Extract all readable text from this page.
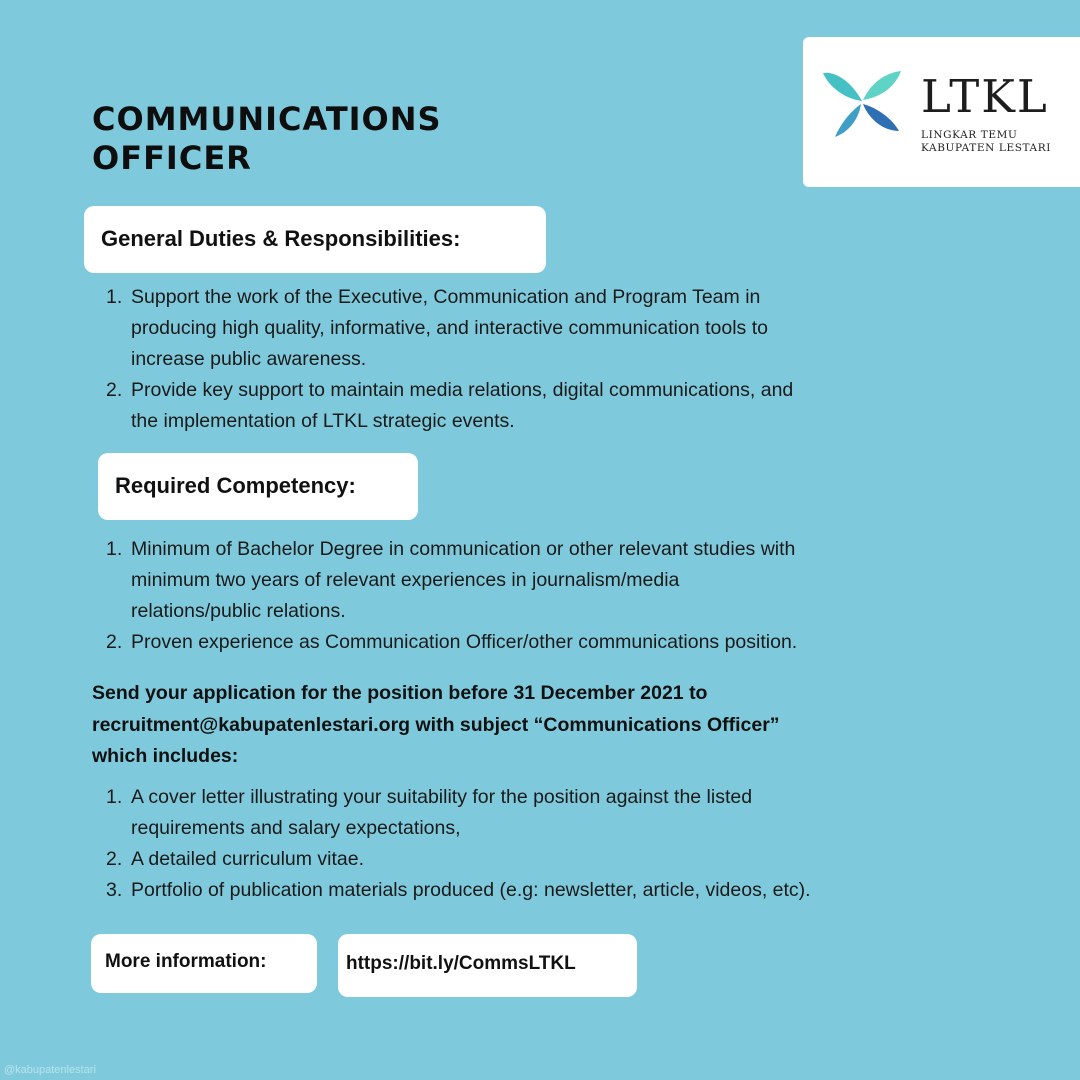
COMMUNICATIONS
OFFICER
LTKL
LINGKAR TEMU
KABUPATEN LESTARI
General Duties & Responsibilities:
1. Support the work of the Executive, Communication and Program Team in
producing high quality, informative, and interactive communication tools to
increase public awareness.
2. Provide key support to maintain media relations, digital communications, and
the implementation of LTKL strategic events.
Required Competency:
1. Minimum of Bachelor Degree in communication or other relevant studies with
minimum two years of relevant experiences in journalism/media
relations/public relations.
2. Proven experience as Communication Officer/other communications position.

Send your application for the position before 31 December 2021 to
recruitment@kabupatenlestari.org with subject “Communications Officer”
which includes:

1. A cover letter illustrating your suitability for the position against the listed
requirements and salary expectations,
2. A detailed curriculum vitae.
3. Portfolio of publication materials produced (e.g: newsletter, article, videos, etc).
More information:	https://bit.ly/CommsLTKL
@kabupatenlestari
